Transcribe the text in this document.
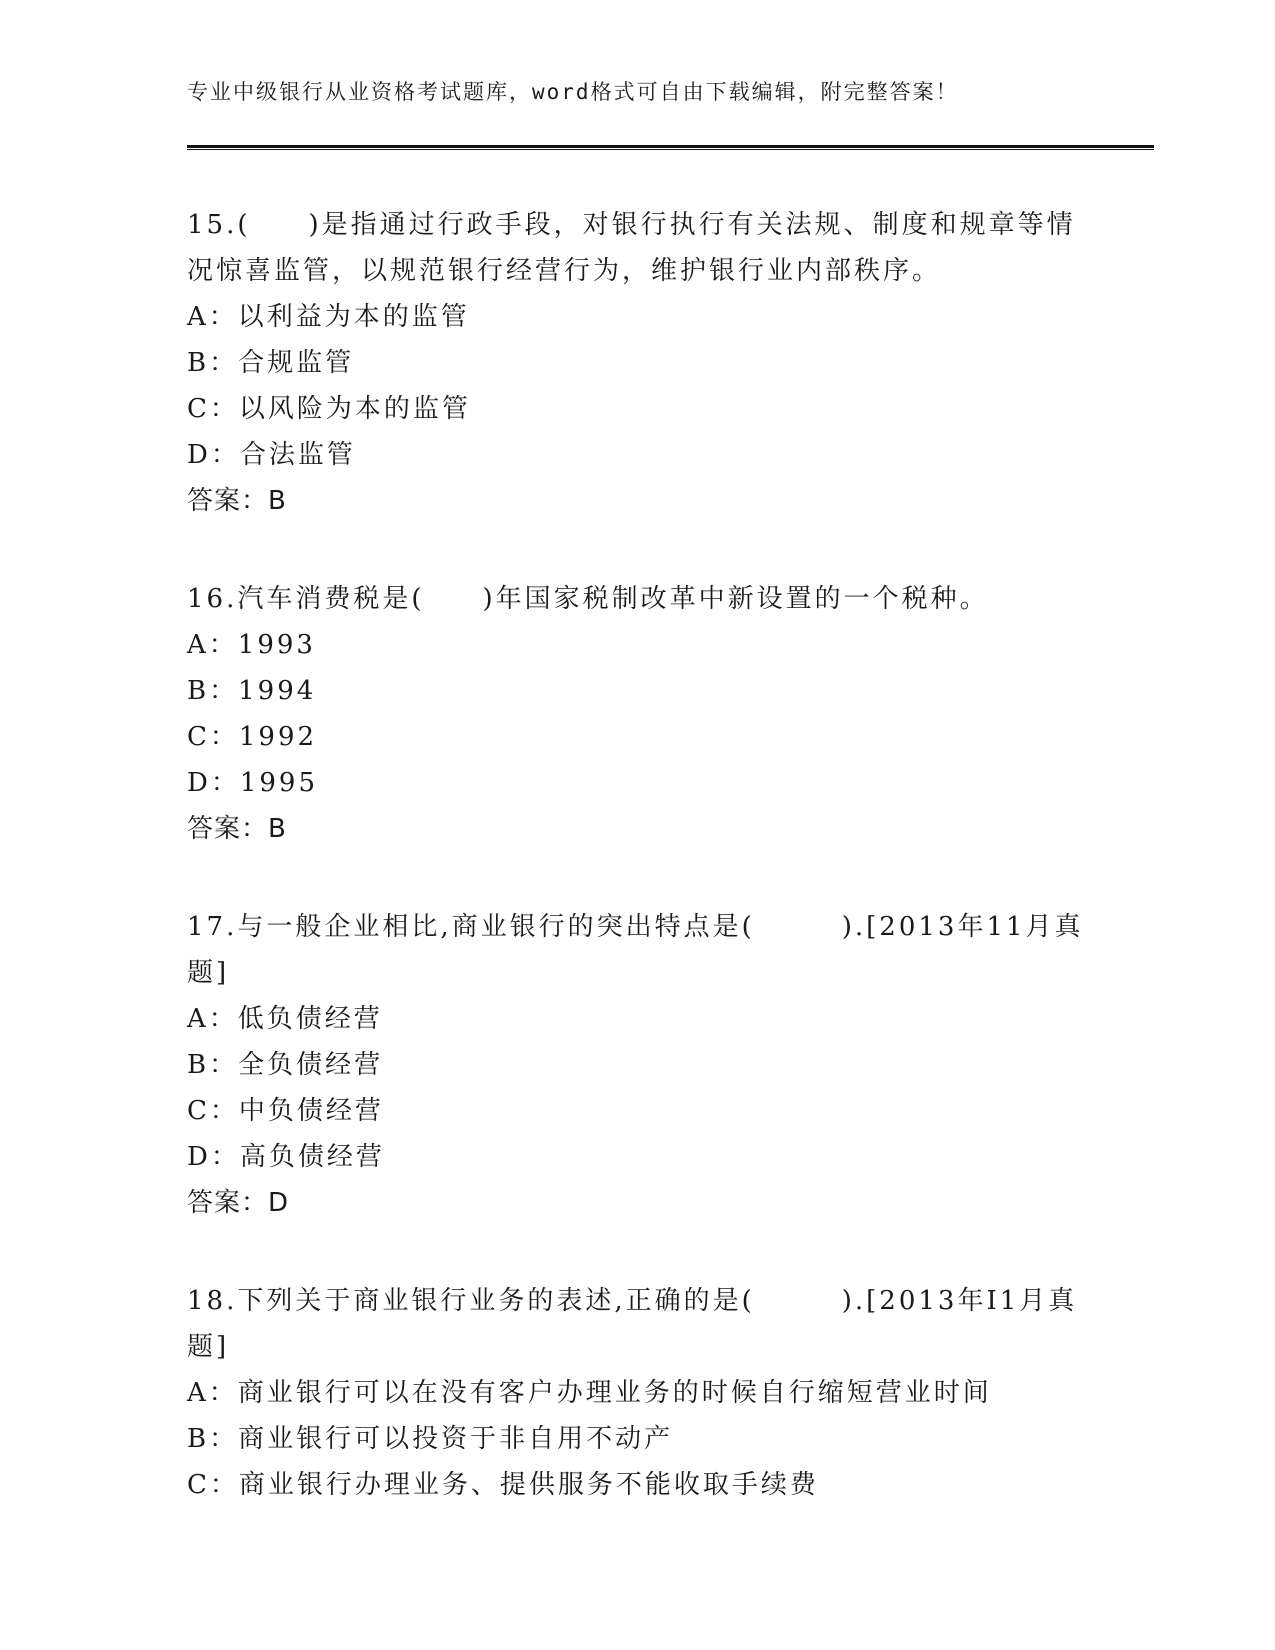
专业中级银行从业资格考试题库，word格式可自由下载编辑，附完整答案！

15.(　　)是指通过行政手段，对银行执行有关法规、制度和规章等情况惊喜监管，以规范银行经营行为，维护银行业内部秩序。

A：以利益为本的监管

B：合规监管

C：以风险为本的监管

D：合法监管

答案：B

16.汽车消费税是(　　)年国家税制改革中新设置的一个税种。

A：1993

B：1994

C：1992

D：1995

答案：B

17.与一般企业相比,商业银行的突出特点是(　　　).[2013年11月真题]

A：低负债经营

B：全负债经营

C：中负债经营

D：高负债经营

答案：D

18.下列关于商业银行业务的表述,正确的是(　　　).[2013年I1月真题]

A：商业银行可以在没有客户办理业务的时候自行缩短营业时间

B：商业银行可以投资于非自用不动产

C：商业银行办理业务、提供服务不能收取手续费
